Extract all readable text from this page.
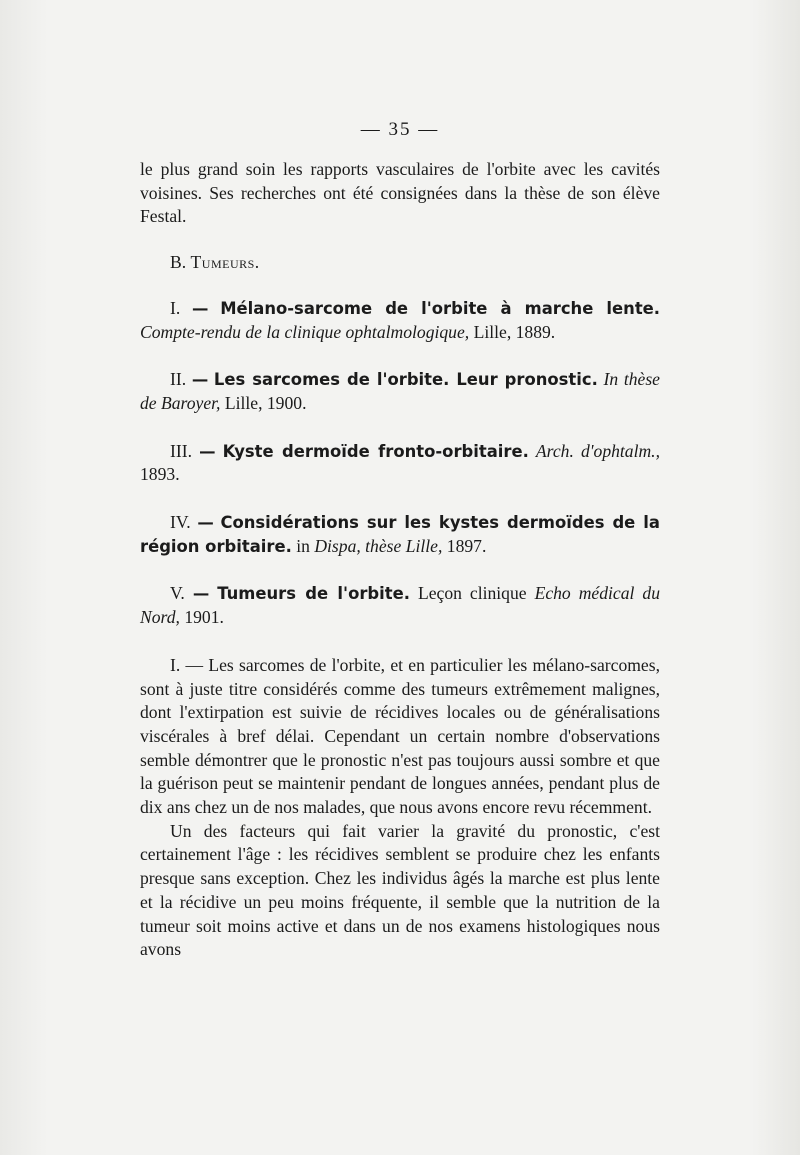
— 35 —

le plus grand soin les rapports vasculaires de l'orbite avec les cavités voisines. Ses recherches ont été consignées dans la thèse de son élève Festal.

B. Tumeurs.

I. — Mélano-sarcome de l'orbite à marche lente. Compte-rendu de la clinique ophtalmologique, Lille, 1889.

II. — Les sarcomes de l'orbite. Leur pronostic. In thèse de Baroyer, Lille, 1900.

III. — Kyste dermoïde fronto-orbitaire. Arch. d'ophtalm., 1893.

IV. — Considérations sur les kystes dermoïdes de la région orbitaire. in Dispa, thèse Lille, 1897.

V. — Tumeurs de l'orbite. Leçon clinique Echo médical du Nord, 1901.

I. — Les sarcomes de l'orbite, et en particulier les mélano-sarcomes, sont à juste titre considérés comme des tumeurs extrêmement malignes, dont l'extirpation est suivie de récidives locales ou de généralisations viscérales à bref délai. Cependant un certain nombre d'observations semble démontrer que le pronostic n'est pas toujours aussi sombre et que la guérison peut se maintenir pendant de longues années, pendant plus de dix ans chez un de nos malades, que nous avons encore revu récemment.

Un des facteurs qui fait varier la gravité du pronostic, c'est certainement l'âge : les récidives semblent se produire chez les enfants presque sans exception. Chez les individus âgés la marche est plus lente et la récidive un peu moins fréquente, il semble que la nutrition de la tumeur soit moins active et dans un de nos examens histologiques nous avons
